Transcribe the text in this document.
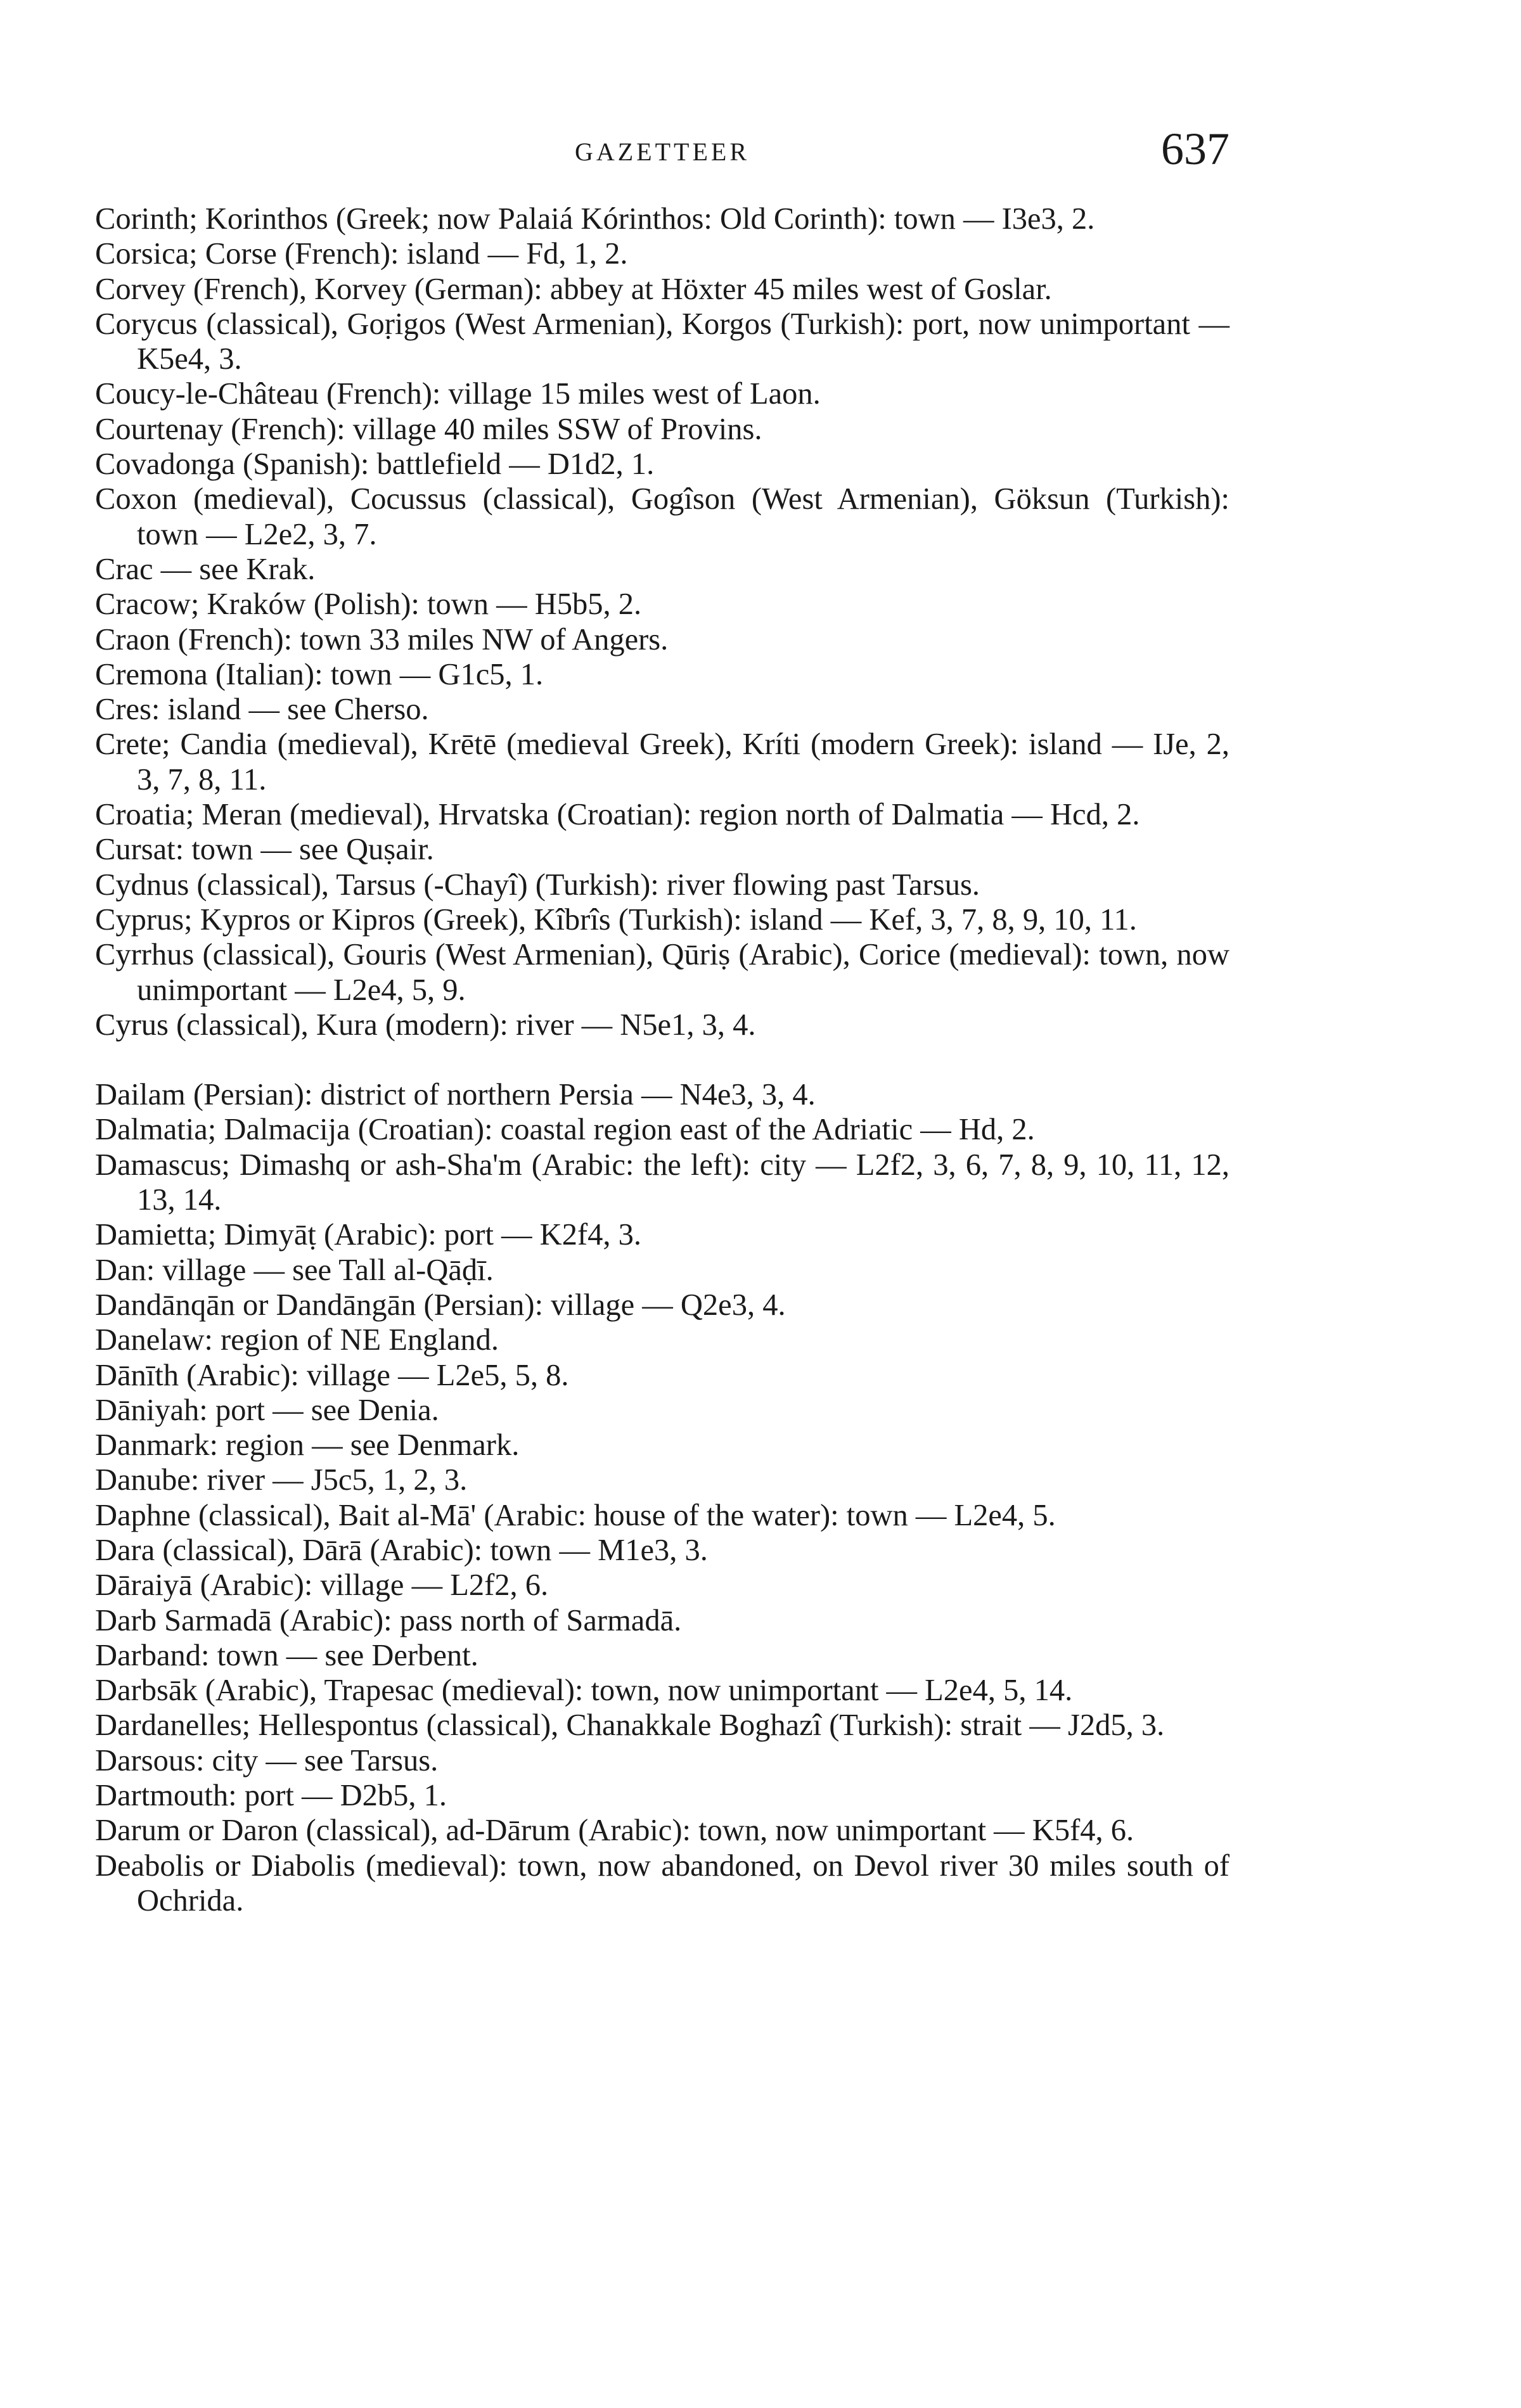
GAZETTEER	637

Corinth; Korinthos (Greek; now Palaiá Kórinthos: Old Corinth): town — I3e3, 2.

Corsica; Corse (French): island — Fd, 1, 2.

Corvey (French), Korvey (German): abbey at Höxter 45 miles west of Goslar.

Corycus (classical), Goṛigos (West Armenian), Korgos (Turkish): port, now unimportant — K5e4, 3.

Coucy-le-Château (French): village 15 miles west of Laon.

Courtenay (French): village 40 miles SSW of Provins.

Covadonga (Spanish): battlefield — D1d2, 1.

Coxon (medieval), Cocussus (classical), Gogîson (West Armenian), Göksun (Turkish): town — L2e2, 3, 7.

Crac — see Krak.

Cracow; Kraków (Polish): town — H5b5, 2.

Craon (French): town 33 miles NW of Angers.

Cremona (Italian): town — G1c5, 1.

Cres: island — see Cherso.

Crete; Candia (medieval), Krētē (medieval Greek), Kríti (modern Greek): island — IJe, 2, 3, 7, 8, 11.

Croatia; Meran (medieval), Hrvatska (Croatian): region north of Dalmatia — Hcd, 2.

Cursat: town — see Quṣair.

Cydnus (classical), Tarsus (-Chayî) (Turkish): river flowing past Tarsus.

Cyprus; Kypros or Kipros (Greek), Kîbrîs (Turkish): island — Kef, 3, 7, 8, 9, 10, 11.

Cyrrhus (classical), Gouris (West Armenian), Qūriṣ (Arabic), Corice (medieval): town, now unimportant — L2e4, 5, 9.

Cyrus (classical), Kura (modern): river — N5e1, 3, 4.

Dailam (Persian): district of northern Persia — N4e3, 3, 4.

Dalmatia; Dalmacija (Croatian): coastal region east of the Adriatic — Hd, 2.

Damascus; Dimashq or ash-Sha'm (Arabic: the left): city — L2f2, 3, 6, 7, 8, 9, 10, 11, 12, 13, 14.

Damietta; Dimyāṭ (Arabic): port — K2f4, 3.

Dan: village — see Tall al-Qāḍī.

Dandānqān or Dandāngān (Persian): village — Q2e3, 4.

Danelaw: region of NE England.

Dānīth (Arabic): village — L2e5, 5, 8.

Dāniyah: port — see Denia.

Danmark: region — see Denmark.

Danube: river — J5c5, 1, 2, 3.

Daphne (classical), Bait al-Mā' (Arabic: house of the water): town — L2e4, 5.

Dara (classical), Dārā (Arabic): town — M1e3, 3.

Dāraiyā (Arabic): village — L2f2, 6.

Darb Sarmadā (Arabic): pass north of Sarmadā.

Darband: town — see Derbent.

Darbsāk (Arabic), Trapesac (medieval): town, now unimportant — L2e4, 5, 14.

Dardanelles; Hellespontus (classical), Chanakkale Boghazî (Turkish): strait — J2d5, 3.

Darsous: city — see Tarsus.

Dartmouth: port — D2b5, 1.

Darum or Daron (classical), ad-Dārum (Arabic): town, now unimportant — K5f4, 6.

Deabolis or Diabolis (medieval): town, now abandoned, on Devol river 30 miles south of Ochrida.
